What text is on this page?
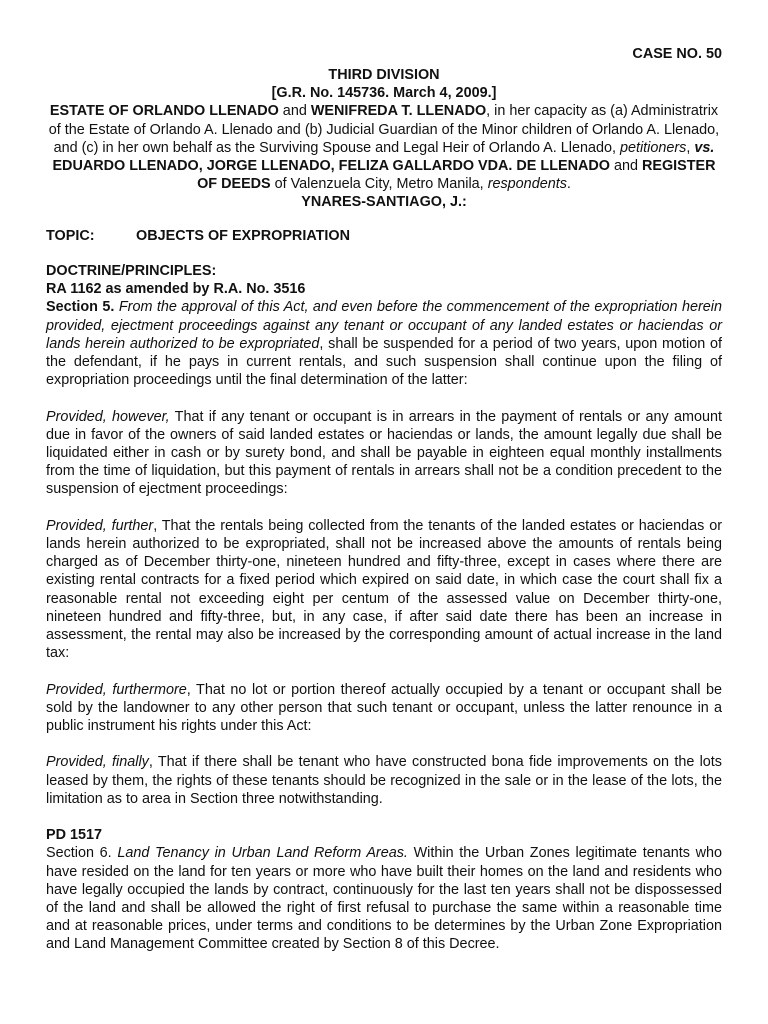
CASE NO. 50

THIRD DIVISION

[G.R. No. 145736. March 4, 2009.]

ESTATE OF ORLANDO LLENADO and WENIFREDA T. LLENADO, in her capacity as (a) Administratrix of the Estate of Orlando A. Llenado and (b) Judicial Guardian of the Minor children of Orlando A. Llenado, and (c) in her own behalf as the Surviving Spouse and Legal Heir of Orlando A. Llenado, petitioners, vs. EDUARDO LLENADO, JORGE LLENADO, FELIZA GALLARDO VDA. DE LLENADO and REGISTER OF DEEDS of Valenzuela City, Metro Manila, respondents.

YNARES-SANTIAGO, J.:

TOPIC:	OBJECTS OF EXPROPRIATION

DOCTRINE/PRINCIPLES:

RA 1162 as amended by R.A. No. 3516

Section 5. From the approval of this Act, and even before the commencement of the expropriation herein provided, ejectment proceedings against any tenant or occupant of any landed estates or haciendas or lands herein authorized to be expropriated, shall be suspended for a period of two years, upon motion of the defendant, if he pays in current rentals, and such suspension shall continue upon the filing of expropriation proceedings until the final determination of the latter:

Provided, however, That if any tenant or occupant is in arrears in the payment of rentals or any amount due in favor of the owners of said landed estates or haciendas or lands, the amount legally due shall be liquidated either in cash or by surety bond, and shall be payable in eighteen equal monthly installments from the time of liquidation, but this payment of rentals in arrears shall not be a condition precedent to the suspension of ejectment proceedings:

Provided, further, That the rentals being collected from the tenants of the landed estates or haciendas or lands herein authorized to be expropriated, shall not be increased above the amounts of rentals being charged as of December thirty-one, nineteen hundred and fifty-three, except in cases where there are existing rental contracts for a fixed period which expired on said date, in which case the court shall fix a reasonable rental not exceeding eight per centum of the assessed value on December thirty-one, nineteen hundred and fifty-three, but, in any case, if after said date there has been an increase in assessment, the rental may also be increased by the corresponding amount of actual increase in the land tax:

Provided, furthermore, That no lot or portion thereof actually occupied by a tenant or occupant shall be sold by the landowner to any other person that such tenant or occupant, unless the latter renounce in a public instrument his rights under this Act:

Provided, finally, That if there shall be tenant who have constructed bona fide improvements on the lots leased by them, the rights of these tenants should be recognized in the sale or in the lease of the lots, the limitation as to area in Section three notwithstanding.

PD 1517

Section 6. Land Tenancy in Urban Land Reform Areas. Within the Urban Zones legitimate tenants who have resided on the land for ten years or more who have built their homes on the land and residents who have legally occupied the lands by contract, continuously for the last ten years shall not be dispossessed of the land and shall be allowed the right of first refusal to purchase the same within a reasonable time and at reasonable prices, under terms and conditions to be determines by the Urban Zone Expropriation and Land Management Committee created by Section 8 of this Decree.
